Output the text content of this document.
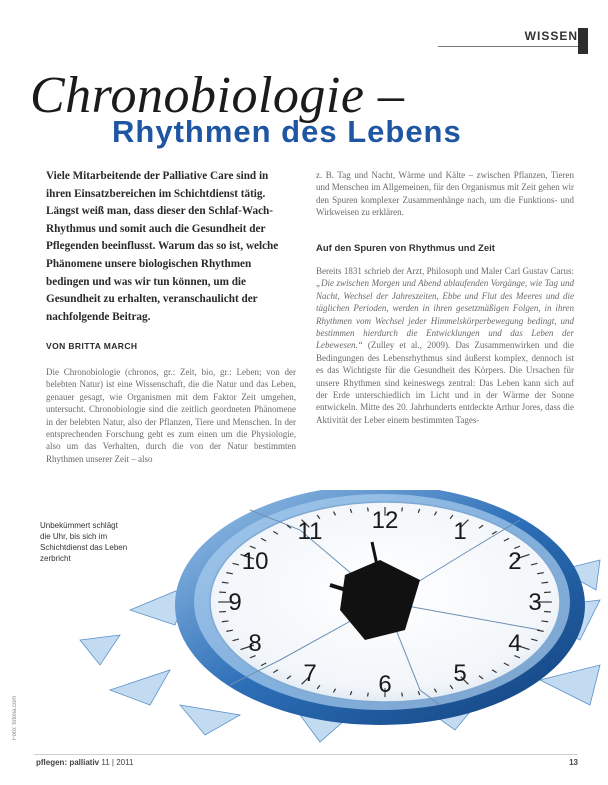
WISSEN
Chronobiologie –
Rhythmen des Lebens
Viele Mitarbeitende der Palliative Care sind in ihren Einsatzbereichen im Schichtdienst tätig. Längst weiß man, dass dieser den Schlaf-Wach-Rhythmus und somit auch die Gesundheit der Pflegenden beeinflusst. Warum das so ist, welche Phänomene unsere biologischen Rhythmen bedingen und was wir tun können, um die Gesundheit zu erhalten, veranschaulicht der nachfolgende Beitrag.
VON BRITTA MARCH
Die Chronobiologie (chronos, gr.: Zeit, bio, gr.: Leben; von der belebten Natur) ist eine Wissenschaft, die die Natur und das Leben, genauer gesagt, wie Organismen mit dem Faktor Zeit umgehen, untersucht. Chronobiologie sind die zeitlich geordneten Phänomene in der belebten Natur, also der Pflanzen, Tiere und Menschen. In der entsprechenden Forschung geht es zum einen um die Physiologie, also um das Verhalten, durch die von der Natur bestimmten Rhythmen unserer Zeit – also
z. B. Tag und Nacht, Wärme und Kälte – zwischen Pflanzen, Tieren und Menschen im Allgemeinen, für den Organismus mit Zeit gehen wir den Spuren komplexer Zusammenhänge nach, um die Funktions- und Wirkweisen zu erklären.
Auf den Spuren von Rhythmus und Zeit
Bereits 1831 schrieb der Arzt, Philosoph und Maler Carl Gustav Carus: „Die zwischen Morgen und Abend ablaufenden Vorgänge, wie Tag und Nacht, Wechsel der Jahreszeiten, Ebbe und Flut des Meeres und die täglichen Perioden, werden in ihren gesetzmäßigen Folgen, in ihren Rhythmen vom Wechsel jeder Himmelskörperbewegung bedingt, und bestimmen hierdurch die Entwicklungen und das Leben der Lebewesen.“ (Zulley et al., 2009). Das Zusammenwirken und die Bedingungen des Lebensrhythmus sind äußerst komplex, dennoch ist es das Wichtigste für die Gesundheit des Körpers. Die Ursachen für unsere Rhythmen sind keineswegs zentral: Das Leben kann sich auf der Erde unterschiedlich im Licht und in der Wärme der Sonne entwickeln. Mitte des 20. Jahrhunderts entdeckte Arthur Jores, dass die Aktivität der Leber einem bestimmten Tages-
12 1
2
3
4
5
6
7
8
9
10
11
Unbekümmert schlägt die Uhr, bis sich im Schichtdienst das Leben zerbricht
Foto: fotolia.com
pflegen: palliativ 11 | 2011	13
